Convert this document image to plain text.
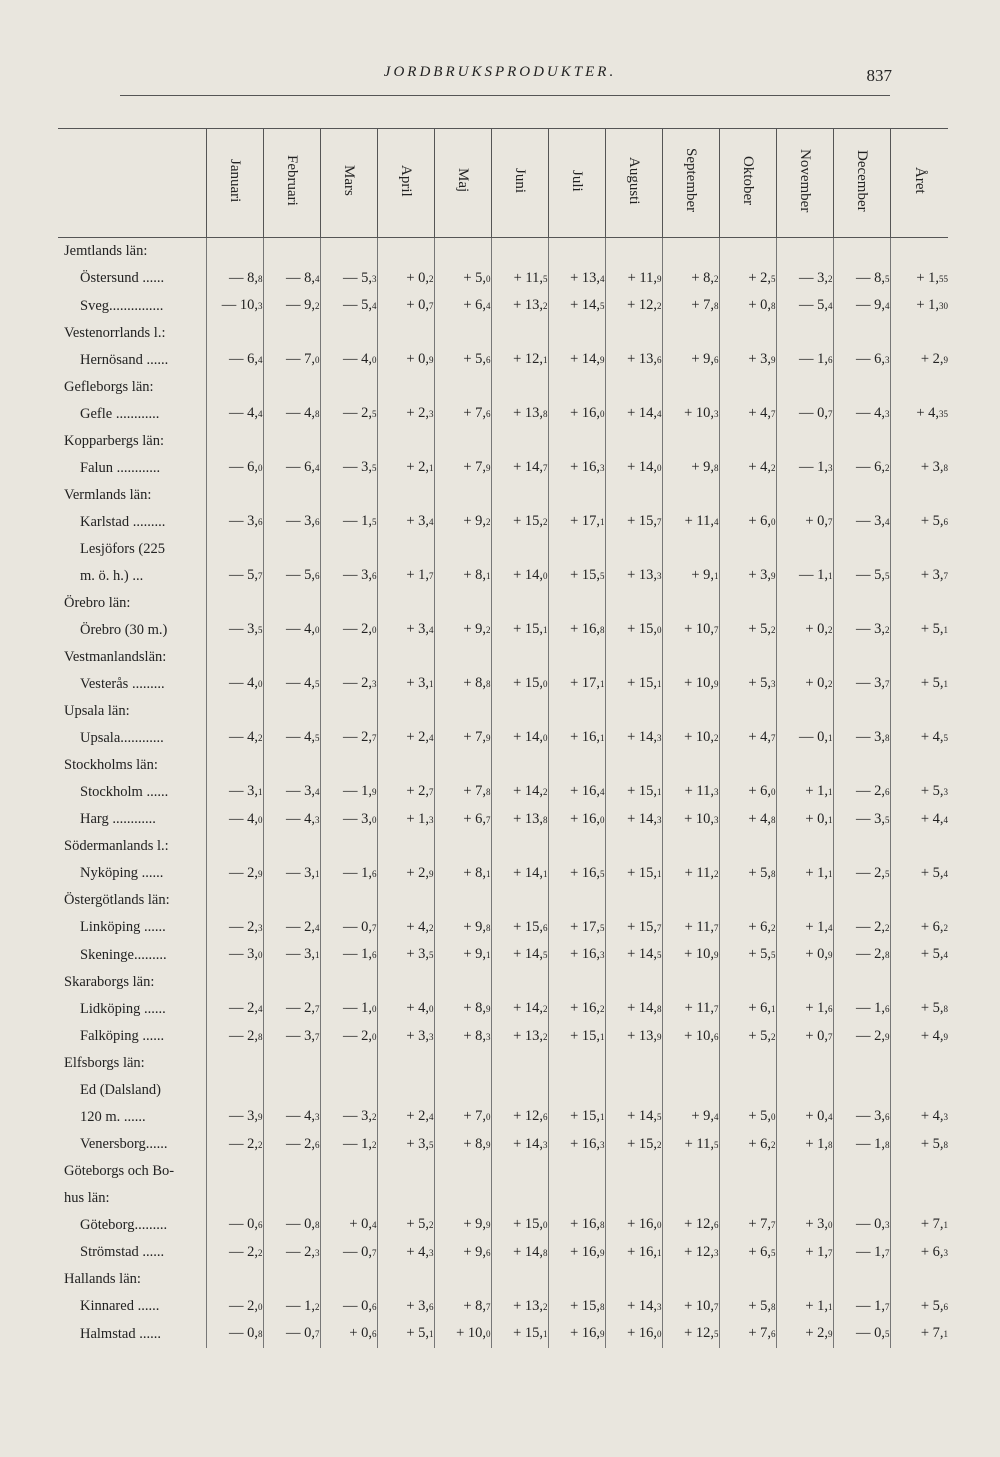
JORDBRUKSPRODUKTER.	837
	Januari	Februari	Mars	April	Maj	Juni	Juli	Augusti	September	Oktober	November	December	Året
Jemtlands län:													
Östersund ......	— 8,8	— 8,4	— 5,3	+ 0,2	+ 5,0	+ 11,5	+ 13,4	+ 11,9	+ 8,2	+ 2,5	— 3,2	— 8,5	+ 1,55
Sveg...............	— 10,3	— 9,2	— 5,4	+ 0,7	+ 6,4	+ 13,2	+ 14,5	+ 12,2	+ 7,8	+ 0,8	— 5,4	— 9,4	+ 1,30
Vestenorrlands l.:													
Hernösand ......	— 6,4	— 7,0	— 4,0	+ 0,9	+ 5,6	+ 12,1	+ 14,9	+ 13,6	+ 9,6	+ 3,9	— 1,6	— 6,3	+ 2,9
Gefleborgs län:													
Gefle ............	— 4,4	— 4,8	— 2,5	+ 2,3	+ 7,6	+ 13,8	+ 16,0	+ 14,4	+ 10,3	+ 4,7	— 0,7	— 4,3	+ 4,35
Kopparbergs län:													
Falun ............	— 6,0	— 6,4	— 3,5	+ 2,1	+ 7,9	+ 14,7	+ 16,3	+ 14,0	+ 9,8	+ 4,2	— 1,3	— 6,2	+ 3,8
Vermlands län:													
Karlstad .........	— 3,6	— 3,6	— 1,5	+ 3,4	+ 9,2	+ 15,2	+ 17,1	+ 15,7	+ 11,4	+ 6,0	+ 0,7	— 3,4	+ 5,6
Lesjöfors (225													
m. ö. h.) ...	— 5,7	— 5,6	— 3,6	+ 1,7	+ 8,1	+ 14,0	+ 15,5	+ 13,3	+ 9,1	+ 3,9	— 1,1	— 5,5	+ 3,7
Örebro län:													
Örebro (30 m.)	— 3,5	— 4,0	— 2,0	+ 3,4	+ 9,2	+ 15,1	+ 16,8	+ 15,0	+ 10,7	+ 5,2	+ 0,2	— 3,2	+ 5,1
Vestmanlandslän:													
Vesterås .........	— 4,0	— 4,5	— 2,3	+ 3,1	+ 8,8	+ 15,0	+ 17,1	+ 15,1	+ 10,9	+ 5,3	+ 0,2	— 3,7	+ 5,1
Upsala län:													
Upsala............	— 4,2	— 4,5	— 2,7	+ 2,4	+ 7,9	+ 14,0	+ 16,1	+ 14,3	+ 10,2	+ 4,7	— 0,1	— 3,8	+ 4,5
Stockholms län:													
Stockholm ......	— 3,1	— 3,4	— 1,9	+ 2,7	+ 7,8	+ 14,2	+ 16,4	+ 15,1	+ 11,3	+ 6,0	+ 1,1	— 2,6	+ 5,3
Harg ............	— 4,0	— 4,3	— 3,0	+ 1,3	+ 6,7	+ 13,8	+ 16,0	+ 14,3	+ 10,3	+ 4,8	+ 0,1	— 3,5	+ 4,4
Södermanlands l.:													
Nyköping ......	— 2,9	— 3,1	— 1,6	+ 2,9	+ 8,1	+ 14,1	+ 16,5	+ 15,1	+ 11,2	+ 5,8	+ 1,1	— 2,5	+ 5,4
Östergötlands län:													
Linköping ......	— 2,3	— 2,4	— 0,7	+ 4,2	+ 9,8	+ 15,6	+ 17,5	+ 15,7	+ 11,7	+ 6,2	+ 1,4	— 2,2	+ 6,2
Skeninge.........	— 3,0	— 3,1	— 1,6	+ 3,5	+ 9,1	+ 14,5	+ 16,3	+ 14,5	+ 10,9	+ 5,5	+ 0,9	— 2,8	+ 5,4
Skaraborgs län:													
Lidköping ......	— 2,4	— 2,7	— 1,0	+ 4,0	+ 8,9	+ 14,2	+ 16,2	+ 14,8	+ 11,7	+ 6,1	+ 1,6	— 1,6	+ 5,8
Falköping ......	— 2,8	— 3,7	— 2,0	+ 3,3	+ 8,3	+ 13,2	+ 15,1	+ 13,9	+ 10,6	+ 5,2	+ 0,7	— 2,9	+ 4,9
Elfsborgs län:													
Ed (Dalsland)													
120 m. ......	— 3,9	— 4,3	— 3,2	+ 2,4	+ 7,0	+ 12,6	+ 15,1	+ 14,5	+ 9,4	+ 5,0	+ 0,4	— 3,6	+ 4,3
Venersborg......	— 2,2	— 2,6	— 1,2	+ 3,5	+ 8,9	+ 14,3	+ 16,3	+ 15,2	+ 11,5	+ 6,2	+ 1,8	— 1,8	+ 5,8
Göteborgs och Bo-													
hus län:													
Göteborg.........	— 0,6	— 0,8	+ 0,4	+ 5,2	+ 9,9	+ 15,0	+ 16,8	+ 16,0	+ 12,6	+ 7,7	+ 3,0	— 0,3	+ 7,1
Strömstad ......	— 2,2	— 2,3	— 0,7	+ 4,3	+ 9,6	+ 14,8	+ 16,9	+ 16,1	+ 12,3	+ 6,5	+ 1,7	— 1,7	+ 6,3
Hallands län:													
Kinnared ......	— 2,0	— 1,2	— 0,6	+ 3,6	+ 8,7	+ 13,2	+ 15,8	+ 14,3	+ 10,7	+ 5,8	+ 1,1	— 1,7	+ 5,6
Halmstad ......	— 0,8	— 0,7	+ 0,6	+ 5,1	+ 10,0	+ 15,1	+ 16,9	+ 16,0	+ 12,5	+ 7,6	+ 2,9	— 0,5	+ 7,1
